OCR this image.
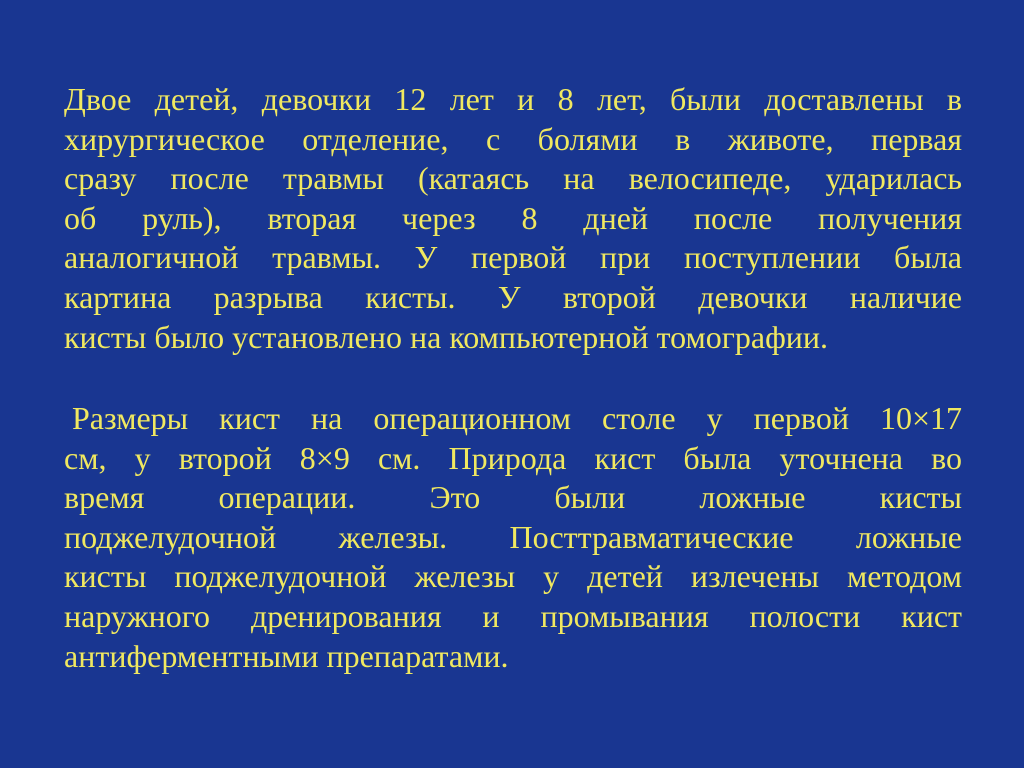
Двое детей, девочки 12 лет и 8 лет, были доставлены в
хирургическое отделение, с болями в животе, первая
сразу после травмы (катаясь на велосипеде, ударилась
об руль), вторая через 8 дней после получения
аналогичной травмы. У первой при поступлении была
картина разрыва кисты. У второй девочки наличие
кисты было установлено на компьютерной томографии.
Размеры кист на операционном столе у первой 10×17
см, у второй 8×9 см. Природа кист была уточнена во
время операции. Это были ложные кисты
поджелудочной железы. Посттравматические ложные
кисты поджелудочной железы у детей излечены методом
наружного дренирования и промывания полости кист
антиферментными препаратами.
